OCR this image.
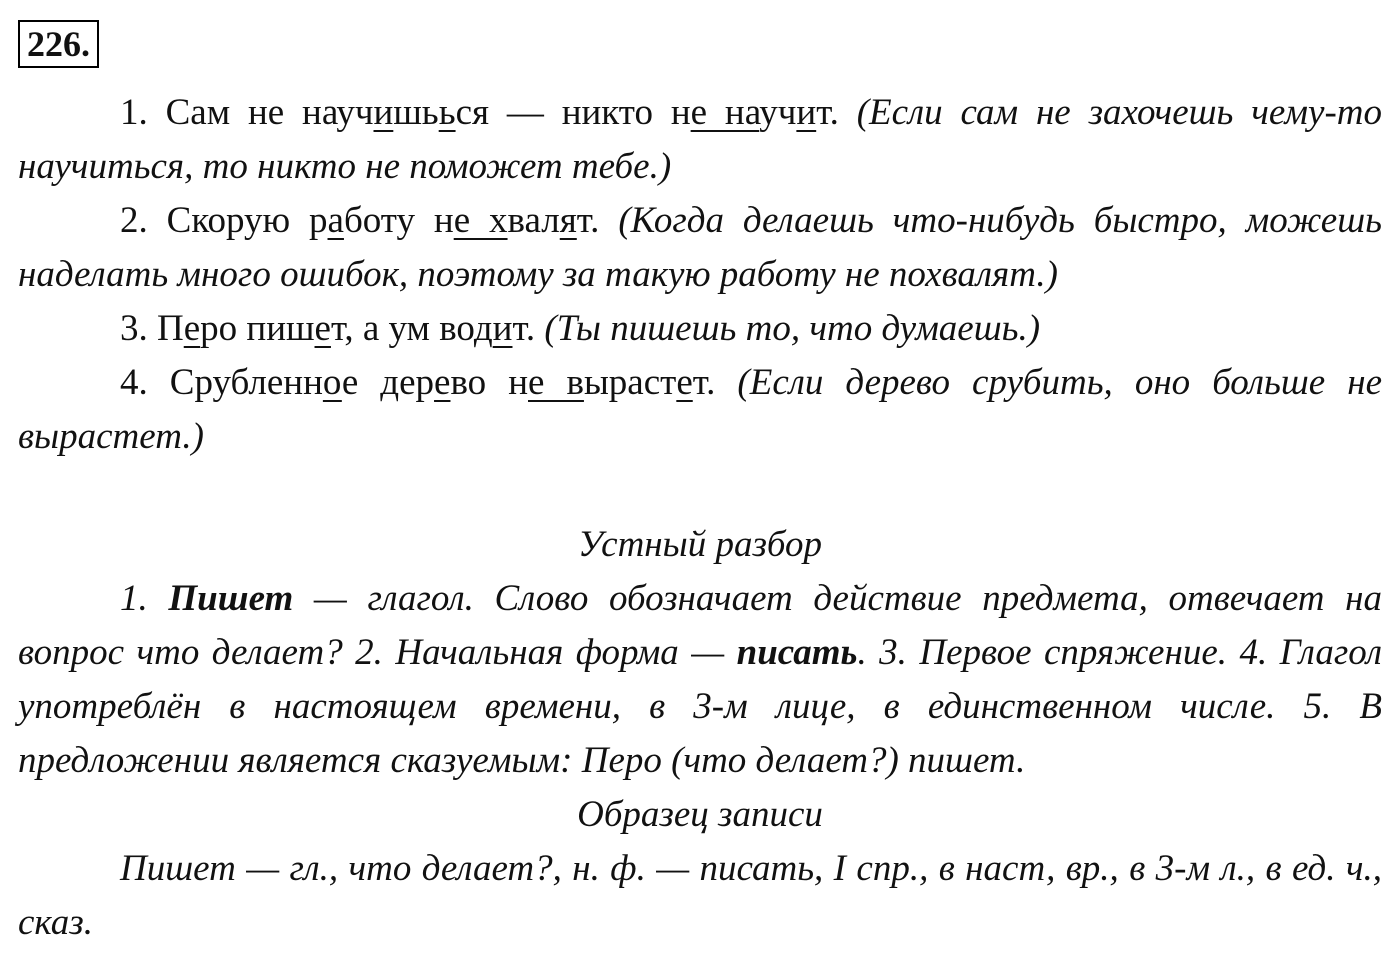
226.

1. Сам не научишьься — никто не научит. (Если сам не захочешь чему-то научиться, то никто не поможет тебе.)

2. Скорую работу не хвалят. (Когда делаешь что-нибудь быстро, можешь наделать много ошибок, поэтому за такую работу не похвалят.)

3. Перо пишет, а ум водит. (Ты пишешь то, что думаешь.)

4. Срубленное дерево не вырастет. (Если дерево срубить, оно больше не вырастет.)

Устный разбор

1. Пишет — глагол. Слово обозначает действие предмета, отвечает на вопрос что делает? 2. Начальная форма — писать. 3. Первое спряжение. 4. Глагол употреблён в настоящем времени, в 3-м лице, в единственном числе. 5. В предложении является сказуемым: Перо (что делает?) пишет.

Образец записи

Пишет — гл., что делает?, н. ф. — писать, I спр., в наст, вр., в 3-м л., в ед. ч., сказ.
